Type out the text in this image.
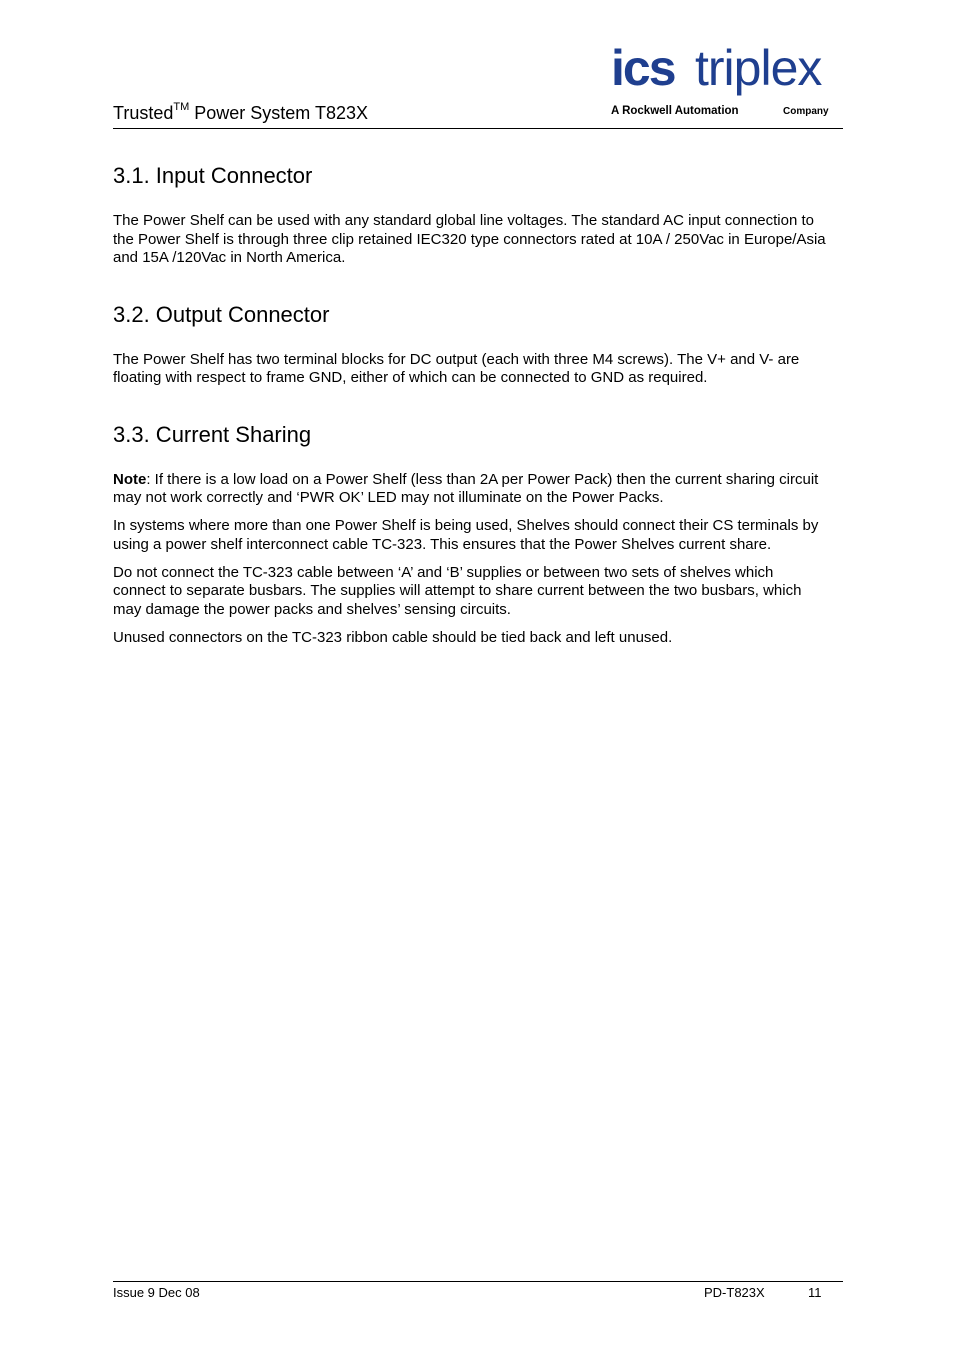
Trusted™ Power System T823X
ics triplex
A Rockwell Automation	Company
3.1. Input Connector

The Power Shelf can be used with any standard global line voltages. The standard AC input connection to the Power Shelf is through three clip retained IEC320 type connectors rated at 10A / 250Vac in Europe/Asia and 15A /120Vac in North America.

3.2. Output Connector

The Power Shelf has two terminal blocks for DC output (each with three M4 screws). The V+ and V- are floating with respect to frame GND, either of which can be connected to GND as required.

3.3. Current Sharing

Note: If there is a low load on a Power Shelf (less than 2A per Power Pack) then the current sharing circuit may not work correctly and ‘PWR OK’ LED may not illuminate on the Power Packs.

In systems where more than one Power Shelf is being used, Shelves should connect their CS terminals by using a power shelf interconnect cable TC-323. This ensures that the Power Shelves current share.

Do not connect the TC-323 cable between ‘A’ and ‘B’ supplies or between two sets of shelves which connect to separate busbars. The supplies will attempt to share current between the two busbars, which may damage the power packs and shelves’ sensing circuits.

Unused connectors on the TC-323 ribbon cable should be tied back and left unused.

Issue 9 Dec 08	PD-T823X	11
